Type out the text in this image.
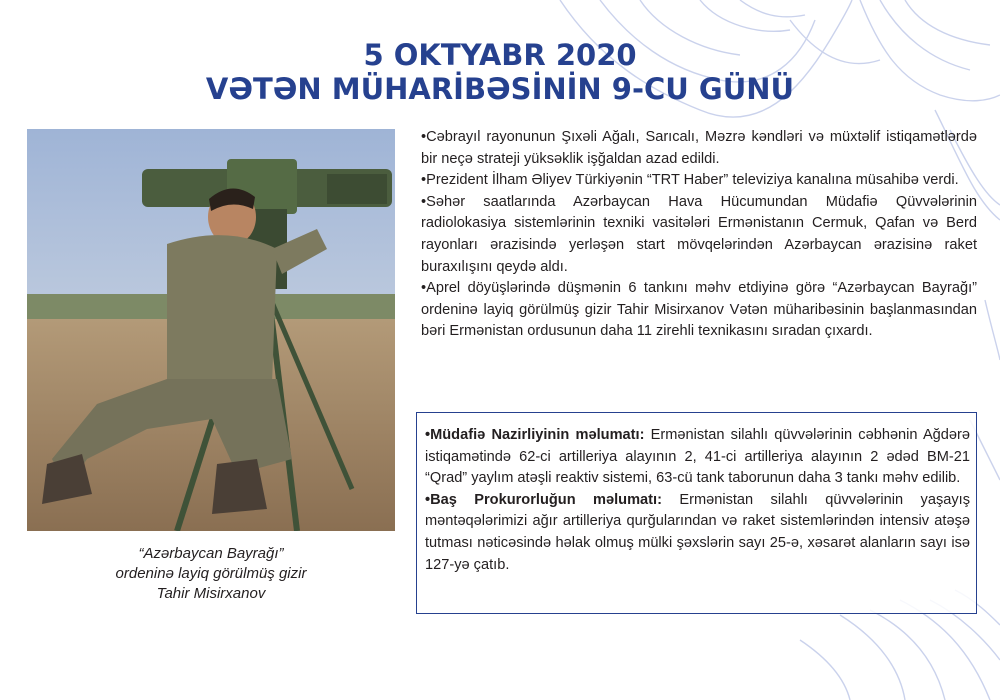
5 OKTYABR 2020
VƏTƏN MÜHARİBƏSİNİN 9-CU GÜNÜ
“Azərbaycan Bayrağı”
ordeninə layiq görülmüş gizir
Tahir Misirxanov

•Cəbrayıl rayonunun Şıxəli Ağalı, Sarıcalı, Məzrə kəndləri və müxtəlif istiqamətlərdə bir neçə strateji yüksəklik işğaldan azad edildi.

•Prezident İlham Əliyev Türkiyənin “TRT Haber” televiziya kanalına müsahibə verdi.

•Səhər saatlarında Azərbaycan Hava Hücumundan Müdafiə Qüvvələrinin radiolokasiya sistemlərinin texniki vasitələri Ermənistanın Cermuk, Qafan və Berd rayonları ərazisində yerləşən start mövqelərindən Azərbaycan ərazisinə raket buraxılışını qeydə aldı.

•Aprel döyüşlərində düşmənin 6 tankını məhv etdiyinə görə “Azərbaycan Bayrağı” ordeninə layiq görülmüş gizir Tahir Misirxanov Vətən müharibəsinin başlanmasından bəri Ermənistan ordusunun daha 11 zirehli texnikasını sıradan çıxardı.

•Müdafiə Nazirliyinin məlumatı: Ermənistan silahlı qüvvələrinin cəbhənin Ağdərə istiqamətində 62-ci artilleriya alayının 2, 41-ci artilleriya alayının 2 ədəd BM-21 “Qrad” yaylım atəşli reaktiv sistemi, 63-cü tank taborunun daha 3 tankı məhv edilib.

•Baş Prokurorluğun məlumatı: Ermənistan silahlı qüvvələrinin yaşayış məntəqələrimizi ağır artilleriya qurğularından və raket sistemlərindən intensiv atəşə tutması nəticəsində həlak olmuş mülki şəxslərin sayı 25-ə, xəsarət alanların sayı isə 127-yə çatıb.
